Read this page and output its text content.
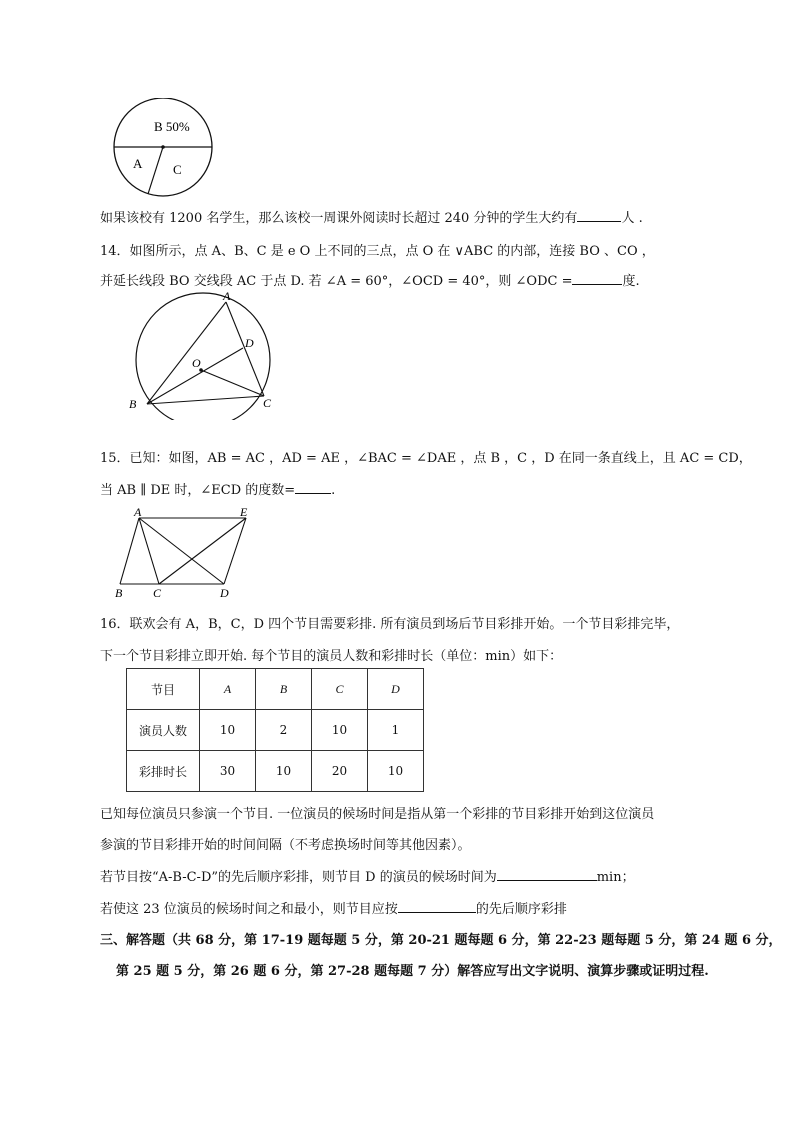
B 50%
A C
如果该校有 1200 名学生，那么该校一周课外阅读时长超过 240 分钟的学生大约有	人 .
14．如图所示，点 A、B、C 是 e O 上不同的三点，点 O 在 ∨ABC 的内部，连接 BO 、CO ，
并延长线段 BO 交线段 AC 于点 D. 若 ∠A = 60°，∠OCD = 40°，则 ∠ODC =	度.
A
O
D
B	C
15．已知：如图，AB = AC ，AD = AE ，∠BAC = ∠DAE ，点 B ，C ，D 在同一条直线上，且 AC = CD，
当 AB ∥ DE 时，∠ECD 的度数=	.
A	E
B	C	D
16．联欢会有 A，B，C，D 四个节目需要彩排. 所有演员到场后节目彩排开始。一个节目彩排完毕，
下一个节目彩排立即开始. 每个节目的演员人数和彩排时长（单位：min）如下：
节目	A	B	C	D
演员人数	10	2	10	1
彩排时长	30	10	20	10
已知每位演员只参演一个节目. 一位演员的候场时间是指从第一个彩排的节目彩排开始到这位演员
参演的节目彩排开始的时间间隔（不考虑换场时间等其他因素）。
若节目按“A-B-C-D”的先后顺序彩排，则节目 D 的演员的候场时间为	min；
若使这 23 位演员的候场时间之和最小，则节目应按	的先后顺序彩排
三、解答题（共 68 分，第 17-19 题每题 5 分，第 20-21 题每题 6 分，第 22-23 题每题 5 分，第 24 题 6 分，
第 25 题 5 分，第 26 题 6 分，第 27-28 题每题 7 分）解答应写出文字说明、演算步骤或证明过程.
